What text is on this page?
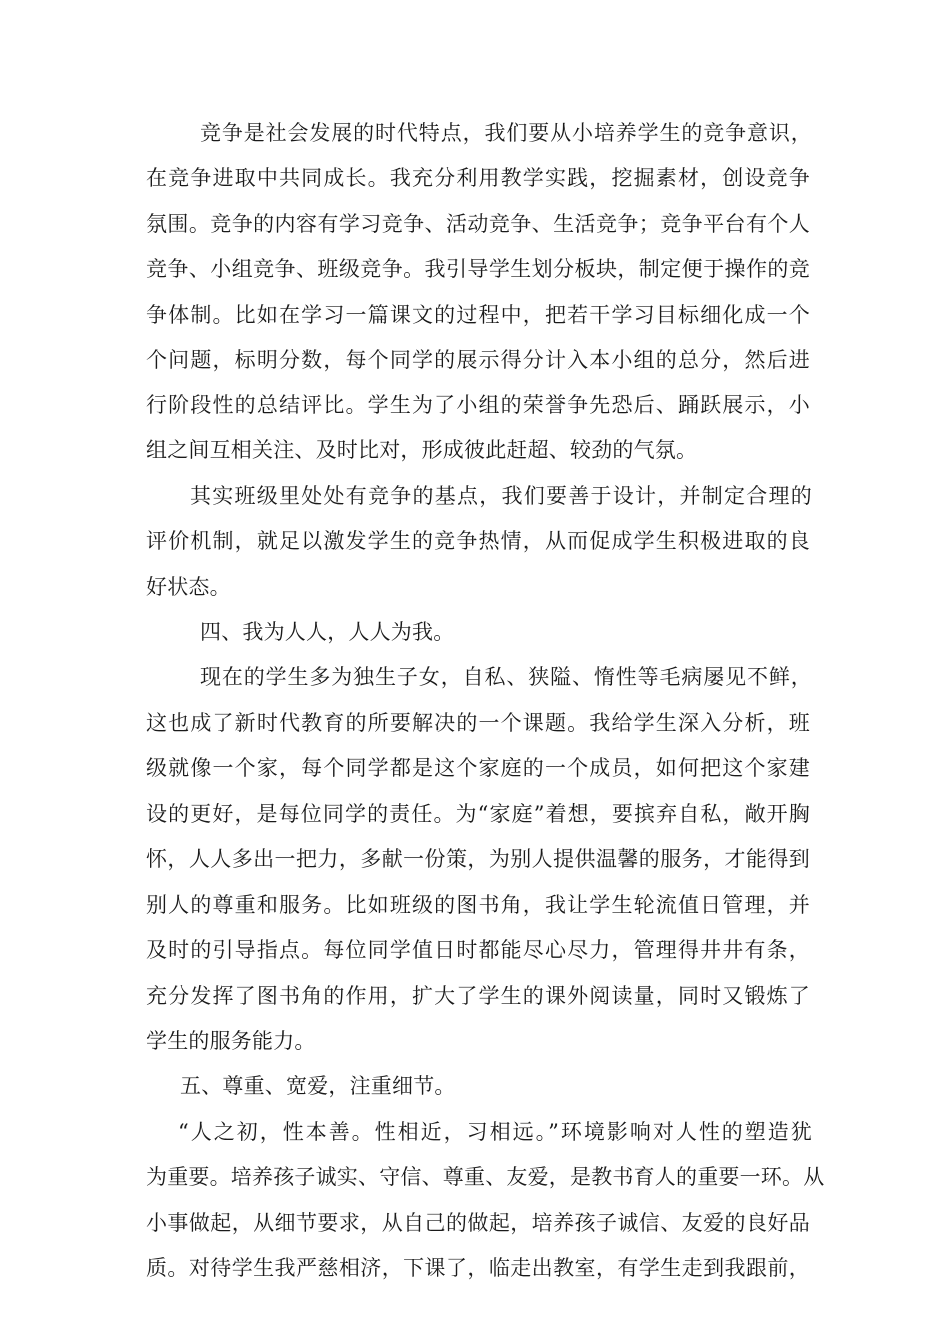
竞争是社会发展的时代特点，我们要从小培养学生的竞争意识，
在竞争进取中共同成长。我充分利用教学实践，挖掘素材，创设竞争
氛围。竞争的内容有学习竞争、活动竞争、生活竞争；竞争平台有个人
竞争、小组竞争、班级竞争。我引导学生划分板块，制定便于操作的竞
争体制。比如在学习一篇课文的过程中，把若干学习目标细化成一个
个问题，标明分数，每个同学的展示得分计入本小组的总分，然后进
行阶段性的总结评比。学生为了小组的荣誉争先恐后、踊跃展示，小
组之间互相关注、及时比对，形成彼此赶超、较劲的气氛。
其实班级里处处有竞争的基点，我们要善于设计，并制定合理的
评价机制，就足以激发学生的竞争热情，从而促成学生积极进取的良
好状态。
四、我为人人，人人为我。
现在的学生多为独生子女，自私、狭隘、惰性等毛病屡见不鲜，
这也成了新时代教育的所要解决的一个课题。我给学生深入分析，班
级就像一个家，每个同学都是这个家庭的一个成员，如何把这个家建
设的更好，是每位同学的责任。为“家庭”着想，要摈弃自私，敞开胸
怀，人人多出一把力，多献一份策，为别人提供温馨的服务，才能得到
别人的尊重和服务。比如班级的图书角，我让学生轮流值日管理，并
及时的引导指点。每位同学值日时都能尽心尽力，管理得井井有条，
充分发挥了图书角的作用，扩大了学生的课外阅读量，同时又锻炼了
学生的服务能力。
五、尊重、宽爱，注重细节。
“人之初，性本善。性相近，习相远。”环境影响对人性的塑造犹
为重要。培养孩子诚实、守信、尊重、友爱，是教书育人的重要一环。从
小事做起，从细节要求，从自己的做起，培养孩子诚信、友爱的良好品
质。对待学生我严慈相济，下课了，临走出教室，有学生走到我跟前，
